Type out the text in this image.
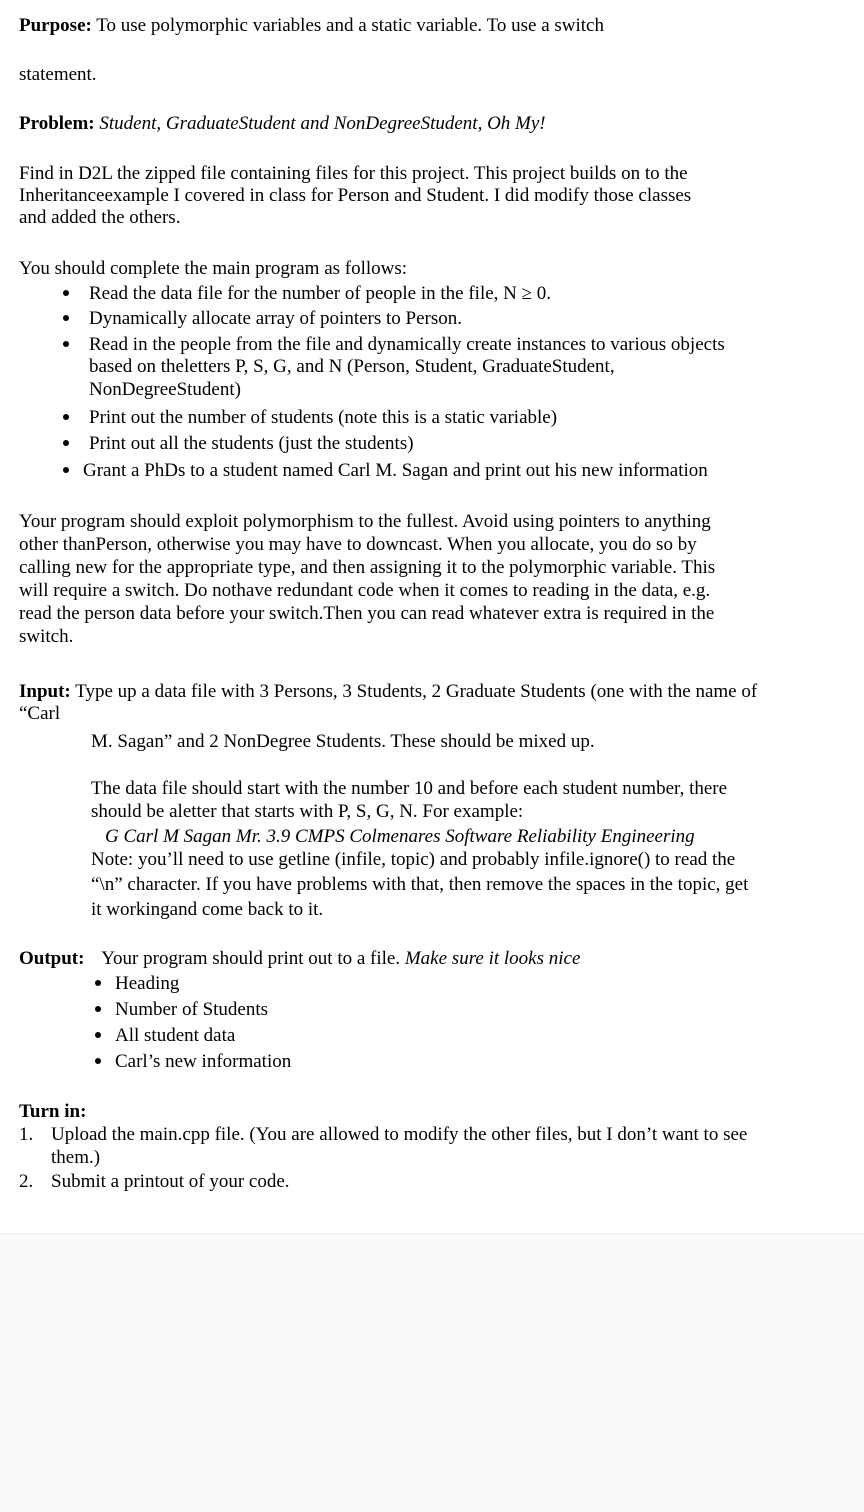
Purpose: To use polymorphic variables and a static variable. To use a switch
statement.
Problem: Student, GraduateStudent and NonDegreeStudent, Oh My!
Find in D2L the zipped file containing files for this project. This project builds on to the
Inheritanceexample I covered in class for Person and Student. I did modify those classes
and added the others.
You should complete the main program as follows:
Read the data file for the number of people in the file, N ≥ 0.
Dynamically allocate array of pointers to Person.
Read in the people from the file and dynamically create instances to various objects
based on theletters P, S, G, and N (Person, Student, GraduateStudent,
NonDegreeStudent)
Print out the number of students (note this is a static variable)
Print out all the students (just the students)
Grant a PhDs to a student named Carl M. Sagan and print out his new information
Your program should exploit polymorphism to the fullest. Avoid using pointers to anything
other thanPerson, otherwise you may have to downcast. When you allocate, you do so by
calling new for the appropriate type, and then assigning it to the polymorphic variable. This
will require a switch. Do nothave redundant code when it comes to reading in the data, e.g.
read the person data before your switch.Then you can read whatever extra is required in the
switch.
Input: Type up a data file with 3 Persons, 3 Students, 2 Graduate Students (one with the name of
“Carl
M. Sagan” and 2 NonDegree Students. These should be mixed up.
The data file should start with the number 10 and before each student number, there
should be aletter that starts with P, S, G, N. For example:
G Carl M Sagan Mr. 3.9 CMPS Colmenares Software Reliability Engineering
Note: you’ll need to use getline (infile, topic) and probably infile.ignore() to read the
“\n” character. If you have problems with that, then remove the spaces in the topic, get
it workingand come back to it.
Output: Your program should print out to a file. Make sure it looks nice
Heading
Number of Students
All student data
Carl’s new information
Turn in:
1. Upload the main.cpp file. (You are allowed to modify the other files, but I don’t want to see
them.)
2. Submit a printout of your code.
